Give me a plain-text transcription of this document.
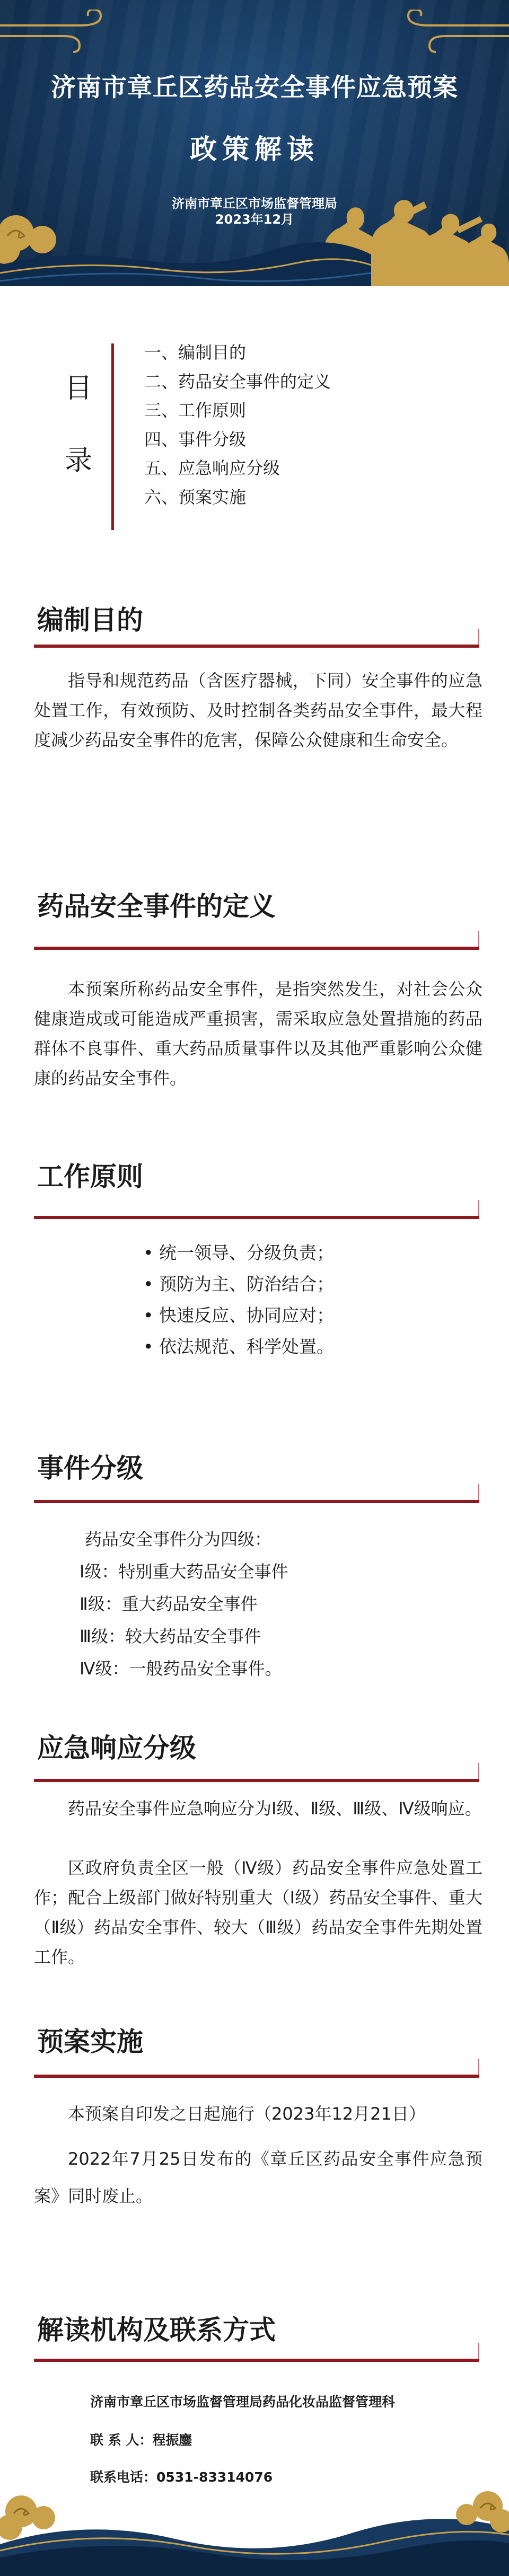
济南市章丘区药品安全事件应急预案
政策解读
济南市章丘区市场监督管理局
2023年12月
目
录
一、编制目的
二、药品安全事件的定义
三、工作原则
四、事件分级
五、应急响应分级
六、预案实施
编制目的

指导和规范药品（含医疗器械，下同）安全事件的应急处置工作，有效预防、及时控制各类药品安全事件，最大程度减少药品安全事件的危害，保障公众健康和生命安全。

药品安全事件的定义

本预案所称药品安全事件，是指突然发生，对社会公众健康造成或可能造成严重损害，需采取应急处置措施的药品群体不良事件、重大药品质量事件以及其他严重影响公众健康的药品安全事件。

工作原则
• 统一领导、分级负责；
• 预防为主、防治结合；
• 快速反应、协同应对；
• 依法规范、科学处置。
事件分级
药品安全事件分为四级：
Ⅰ级：特别重大药品安全事件
Ⅱ级：重大药品安全事件
Ⅲ级：较大药品安全事件
Ⅳ级：一般药品安全事件。
应急响应分级

药品安全事件应急响应分为Ⅰ级、Ⅱ级、Ⅲ级、Ⅳ级响应。

区政府负责全区一般（Ⅳ级）药品安全事件应急处置工作；配合上级部门做好特别重大（Ⅰ级）药品安全事件、重大（Ⅱ级）药品安全事件、较大（Ⅲ级）药品安全事件先期处置工作。

预案实施

本预案自印发之日起施行（2023年12月21日）

2022年7月25日发布的《章丘区药品安全事件应急预案》同时废止。

解读机构及联系方式
济南市章丘区市场监督管理局药品化妆品监督管理科
联 系 人：程振鏖
联系电话：0531-83314076
